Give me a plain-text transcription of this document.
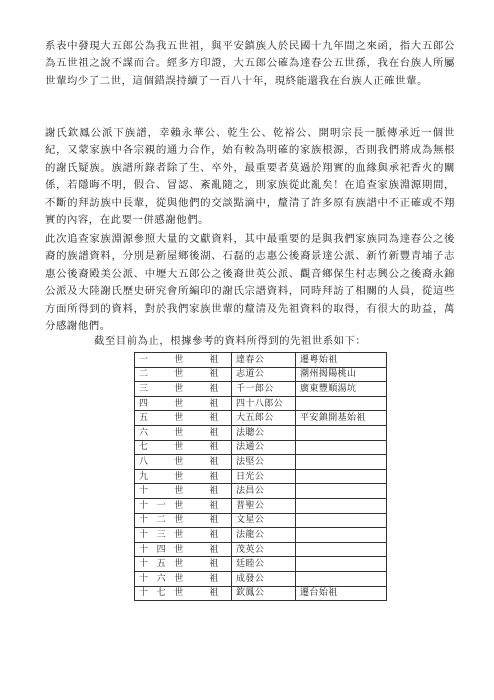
系表中發現大五郎公為我五世祖，與平安鎮族人於民國十九年間之來函，指大五郎公為五世祖之說不謀而合。經多方印證，大五郎公確為達春公五世孫，我在台族人所屬世輩均少了二世，這個錯誤持續了一百八十年，現終能還我在台族人正確世輩。

謝氏欽鳳公派下族譜，幸賴永華公、乾生公、乾裕公、開明宗長一脈傳承近一個世紀，又蒙家族中各宗親的通力合作，始有較為明確的家族根源，否則我們將成為無根的謝氏疑族。族譜所錄者除了生、卒外，最重要者莫過於翔實的血緣與承祀香火的關係，若隱晦不明，假合、冒認、紊亂隨之，則家族從此亂矣！在追查家族淵源期間，不斷的拜訪族中長輩，從與他們的交談點滴中，釐清了許多原有族譜中不正確或不翔實的內容，在此要一併感謝他們。

此次追查家族淵源參照大量的文獻資料，其中最重要的是與我們家族同為達春公之後裔的族譜資料，分別是新屋鄉後湖、石磊的志惠公後裔景達公派、新竹新豐青埔子志惠公後裔殿美公派、中壢大五郎公之後裔世英公派、觀音鄉保生村志興公之後裔永錦公派及大陸謝氏歷史研究會所編印的謝氏宗譜資料，同時拜訪了相關的人員，從這些方面所得到的資料，對於我們家族世輩的釐清及先祖資料的取得，有很大的助益，萬分感謝他們。

截至目前為止，根據參考的資料所得到的先祖世系如下：

一　世　祖	達春公	遷粵始祖
二　世　祖	志道公	潮州揭陽桃山
三　世　祖	千一郎公	廣東豐順湯坑
四　世　祖	四十八郎公	
五　世　祖	大五郎公	平安鎮開基始祖
六　世　祖	法聰公	
七　世　祖	法通公	
八　世　祖	法堅公	
九　世　祖	日光公	
十　世　祖	法昌公	
十一世　祖	普聖公	
十二世　祖	文星公	
十三世　祖	法龍公	
十四世　祖	茂英公	
十五世　祖	廷睦公	
十六世　祖	成發公	
十七世　祖	欽鳳公	遷台始祖
